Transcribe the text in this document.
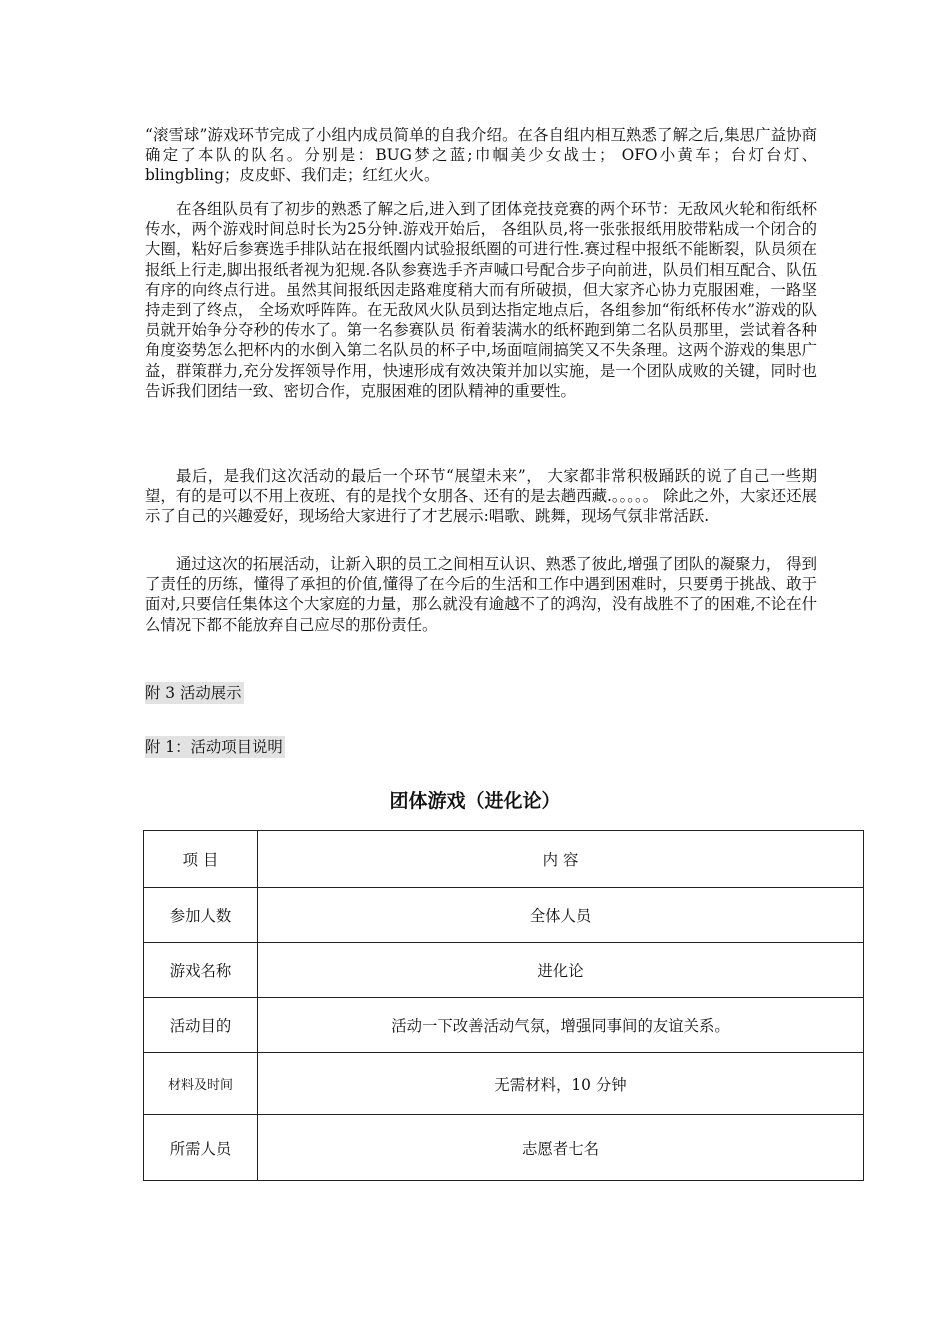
“滚雪球”游戏环节完成了小组内成员简单的自我介绍。在各自组内相互熟悉了解之后,集思广益协商确定了本队的队名。分别是：BUG梦之蓝;巾帼美少女战士； OFO小黄车；台灯台灯、blingbling；皮皮虾、我们走；红红火火。

在各组队员有了初步的熟悉了解之后,进入到了团体竞技竞赛的两个环节：无敌风火轮和衔纸杯传水，两个游戏时间总时长为25分钟.游戏开始后， 各组队员,将一张张报纸用胶带粘成一个闭合的大圈，粘好后参赛选手排队站在报纸圈内试验报纸圈的可进行性.赛过程中报纸不能断裂，队员须在报纸上行走,脚出报纸者视为犯规.各队参赛选手齐声喊口号配合步子向前进，队员们相互配合、队伍有序的向终点行进。虽然其间报纸因走路难度稍大而有所破损，但大家齐心协力克服困难，一路坚持走到了终点， 全场欢呼阵阵。在无敌风火队员到达指定地点后，各组参加“衔纸杯传水”游戏的队员就开始争分夺秒的传水了。第一名参赛队员 衔着装满水的纸杯跑到第二名队员那里，尝试着各种角度姿势怎么把杯内的水倒入第二名队员的杯子中,场面喧闹搞笑又不失条理。这两个游戏的集思广益，群策群力,充分发挥领导作用，快速形成有效决策并加以实施，是一个团队成败的关键，同时也告诉我们团结一致、密切合作，克服困难的团队精神的重要性。

最后，是我们这次活动的最后一个环节“展望未来”， 大家都非常积极踊跃的说了自己一些期望，有的是可以不用上夜班、有的是找个女朋各、还有的是去趟西藏.。。。。。 除此之外，大家还还展示了自己的兴趣爱好，现场给大家进行了才艺展示:唱歌、跳舞，现场气氛非常活跃.

通过这次的拓展活动，让新入职的员工之间相互认识、熟悉了彼此,增强了团队的凝聚力， 得到了责任的历练，懂得了承担的价值,懂得了在今后的生活和工作中遇到困难时，只要勇于挑战、敢于面对,只要信任集体这个大家庭的力量，那么就没有逾越不了的鸿沟，没有战胜不了的困难,不论在什么情况下都不能放弃自己应尽的那份责任。

附 3 活动展示
附 1：活动项目说明
团体游戏（进化论）
项 目	内 容
参加人数	全体人员
游戏名称	进化论
活动目的	活动一下改善活动气氛，增强同事间的友谊关系。
材料及时间	无需材料，10 分钟
所需人员	志愿者七名
